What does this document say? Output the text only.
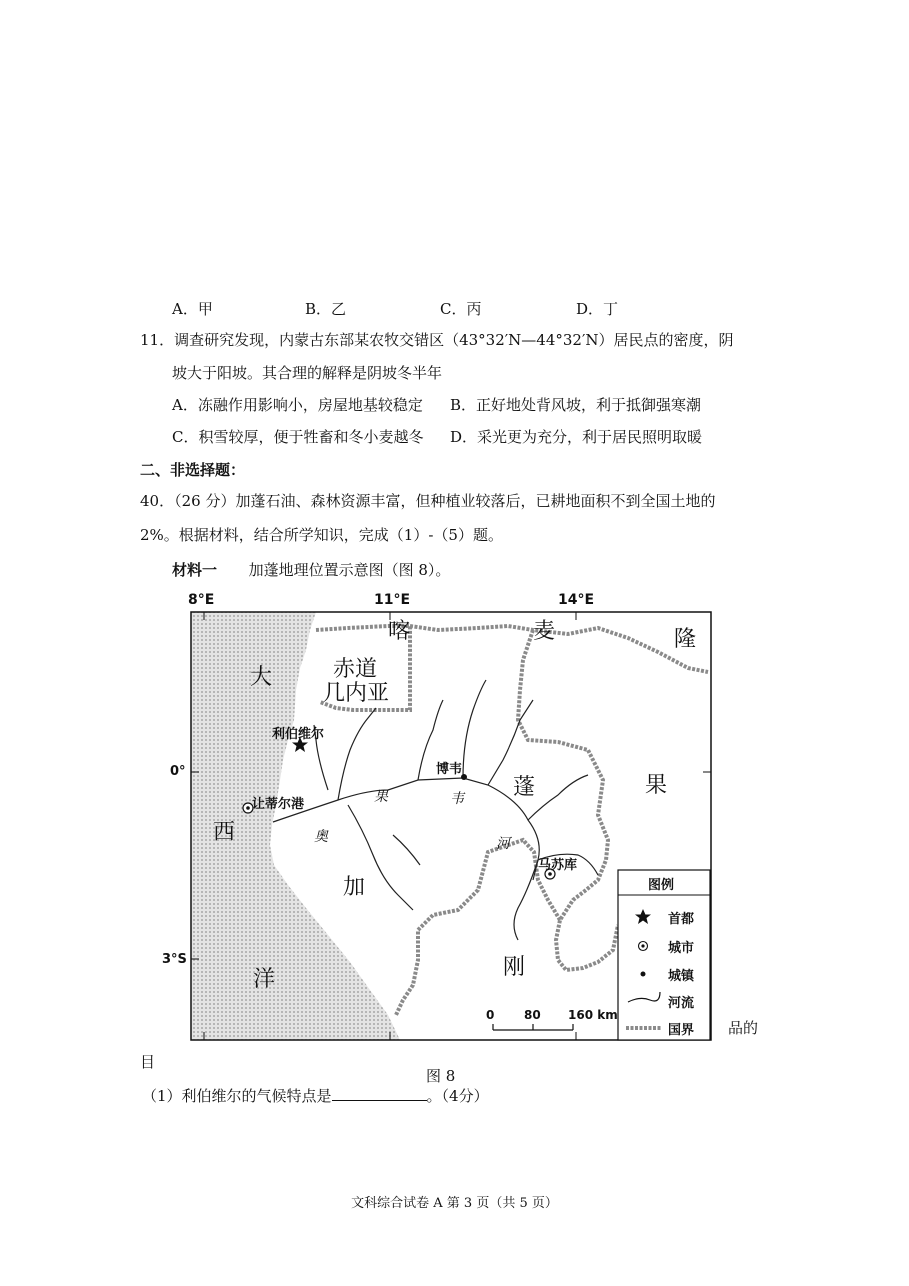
A．甲	B．乙	C．丙	D．丁
11．调查研究发现，内蒙古东部某农牧交错区（43°32′N—44°32′N）居民点的密度，阴
坡大于阳坡。其合理的解释是阴坡冬半年
A．冻融作用影响小，房屋地基较稳定 B．正好地处背风坡，利于抵御强寒潮
C．积雪较厚，便于牲畜和冬小麦越冬 D．采光更为充分，利于居民照明取暖
二、非选择题：
40．（26 分）加蓬石油、森林资源丰富，但种植业较落后，已耕地面积不到全国土地的
2%。根据材料，结合所学知识，完成（1）-（5）题。
材料一 加蓬地理位置示意图（图 8）。
8°E	11°E	14°E
0°
3°S
喀	麦	隆
赤道
几内亚
蓬
加
果
刚
大
西
洋
利伯维尔
让蒂尔港
博韦
马苏库
果	韦
奥	河
0 80 160 km
图例
首都
城市
城镇
河流
国界 品的
目
图 8
（1）利伯维尔的气候特点是	。（4分）
文科综合试卷 A 第 3 页（共 5 页）
